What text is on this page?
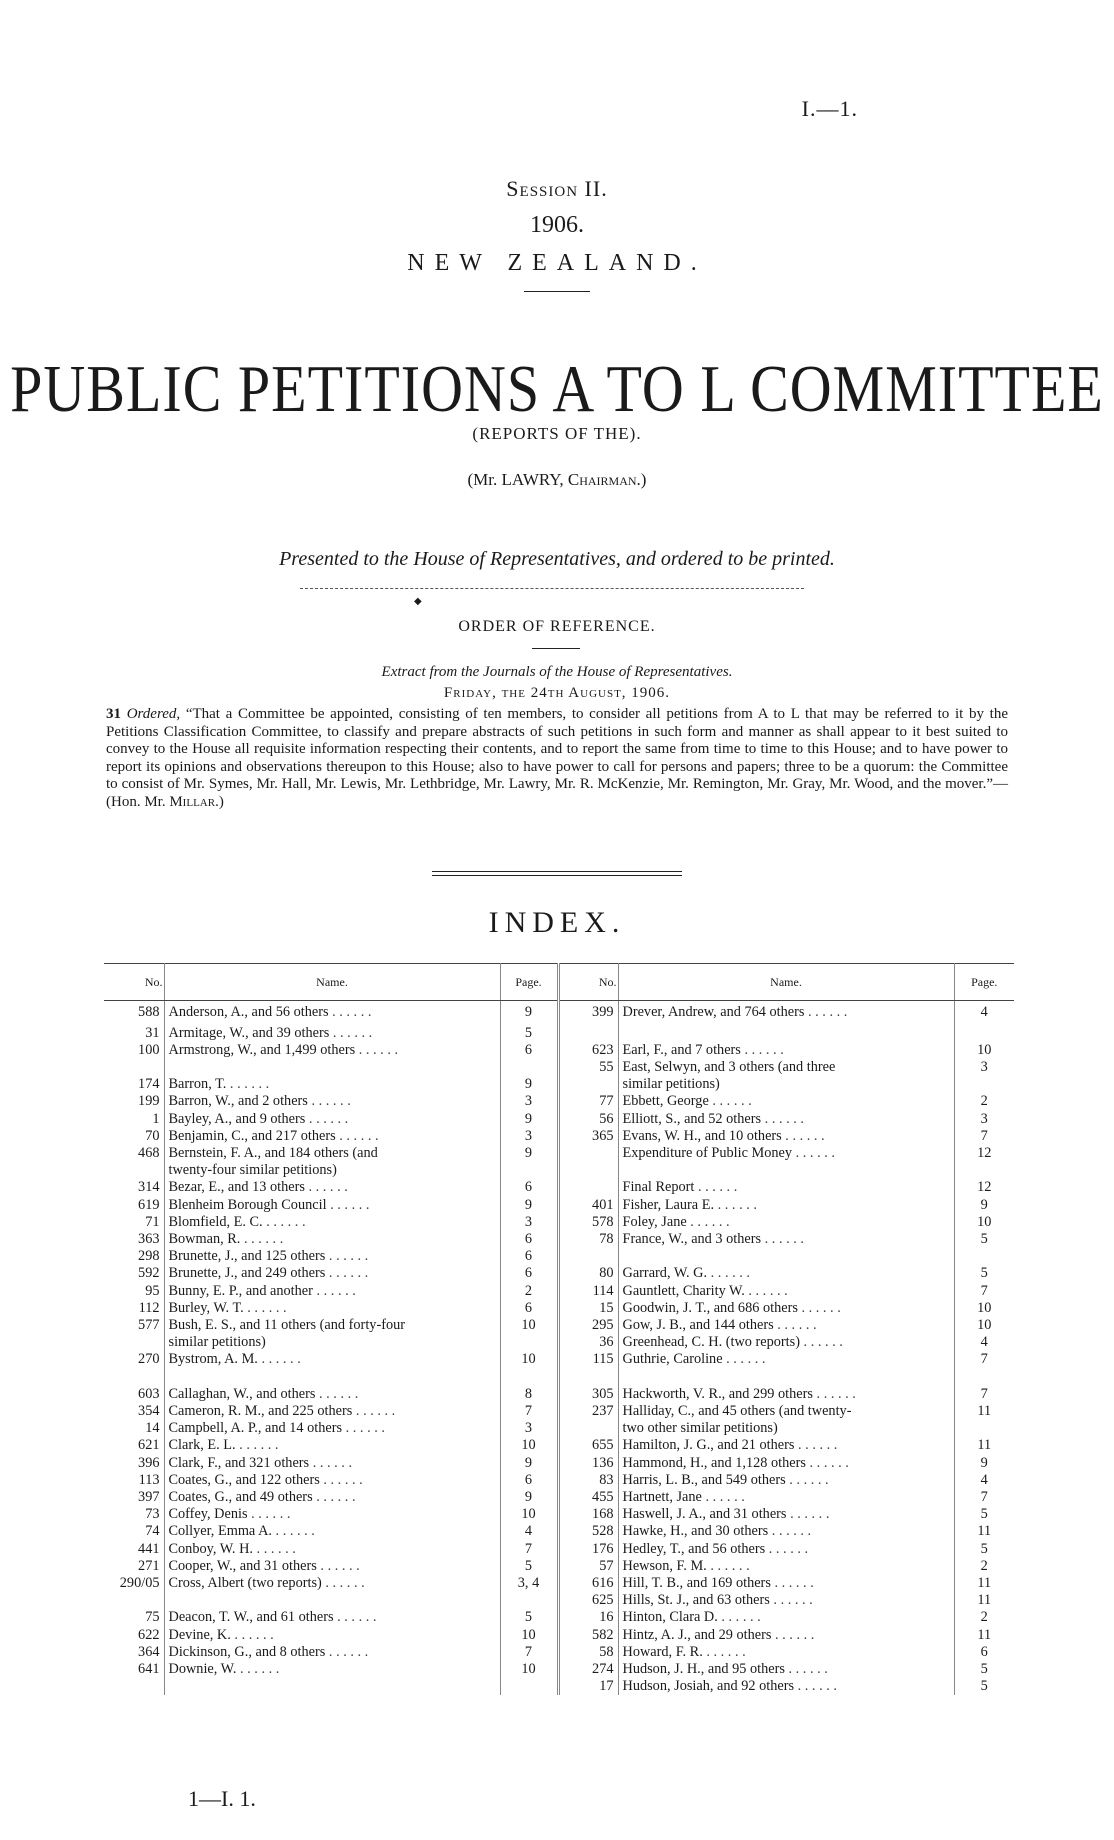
I.—1.
Session II.
1906.
NEW ZEALAND.
PUBLIC PETITIONS A TO L COMMITTEE
(REPORTS OF THE).
(Mr. LAWRY, Chairman.)
Presented to the House of Representatives, and ordered to be printed.
◆
ORDER OF REFERENCE.
Extract from the Journals of the House of Representatives.
Friday, the 24th August, 1906.
31 Ordered, “That a Committee be appointed, consisting of ten members, to consider all petitions from A to L that may be referred to it by the Petitions Classification Committee, to classify and prepare abstracts of such petitions in such form and manner as shall appear to it best suited to convey to the House all requisite information respecting their contents, and to report the same from time to time to this House; and to have power to report its opinions and observations thereupon to this House; also to have power to call for persons and papers; three to be a quorum: the Committee to consist of Mr. Symes, Mr. Hall, Mr. Lewis, Mr. Lethbridge, Mr. Lawry, Mr. R. McKenzie, Mr. Remington, Mr. Gray, Mr. Wood, and the mover.”—(Hon. Mr. Millar.)
INDEX.
No.	Name.	Page.	No.	Name.	Page.
588	Anderson, A., and 56 others . .	9	399	Drever, Andrew, and 764 others . .	4
31	Armitage, W., and 39 others . .	5			
100	Armstrong, W., and 1,499 others . .	6	623	Earl, F., and 7 others . .	10
			55	East, Selwyn, and 3 others (and three	3
174	Barron, T. . .	9		similar petitions)	
199	Barron, W., and 2 others . .	3	77	Ebbett, George . .	2
1	Bayley, A., and 9 others . .	9	56	Elliott, S., and 52 others . .	3
70	Benjamin, C., and 217 others . .	3	365	Evans, W. H., and 10 others . .	7
468	Bernstein, F. A., and 184 others (and	9		Expenditure of Public Money . .	12
	twenty-four similar petitions)				
314	Bezar, E., and 13 others . .	6		Final Report . .	12
619	Blenheim Borough Council . .	9	401	Fisher, Laura E. . .	9
71	Blomfield, E. C. . .	3	578	Foley, Jane . .	10
363	Bowman, R. . .	6	78	France, W., and 3 others . .	5
298	Brunette, J., and 125 others . .	6			
592	Brunette, J., and 249 others . .	6	80	Garrard, W. G. . .	5
95	Bunny, E. P., and another . .	2	114	Gauntlett, Charity W. . .	7
112	Burley, W. T. . .	6	15	Goodwin, J. T., and 686 others . .	10
577	Bush, E. S., and 11 others (and forty-four	10	295	Gow, J. B., and 144 others . .	10
	similar petitions)		36	Greenhead, C. H. (two reports) . .	4
270	Bystrom, A. M. . .	10	115	Guthrie, Caroline . .	7

603	Callaghan, W., and others . .	8	305	Hackworth, V. R., and 299 others . .	7
354	Cameron, R. M., and 225 others . .	7	237	Halliday, C., and 45 others (and twenty-	11
14	Campbell, A. P., and 14 others . .	3		two other similar petitions)	
621	Clark, E. L. . .	10	655	Hamilton, J. G., and 21 others . .	11
396	Clark, F., and 321 others . .	9	136	Hammond, H., and 1,128 others . .	9
113	Coates, G., and 122 others . .	6	83	Harris, L. B., and 549 others . .	4
397	Coates, G., and 49 others . .	9	455	Hartnett, Jane . .	7
73	Coffey, Denis . .	10	168	Haswell, J. A., and 31 others . .	5
74	Collyer, Emma A. . .	4	528	Hawke, H., and 30 others . .	11
441	Conboy, W. H. . .	7	176	Hedley, T., and 56 others . .	5
271	Cooper, W., and 31 others . .	5	57	Hewson, F. M. . .	2
290/05	Cross, Albert (two reports) . .	3, 4	616	Hill, T. B., and 169 others . .	11
			625	Hills, St. J., and 63 others . .	11
75	Deacon, T. W., and 61 others . .	5	16	Hinton, Clara D. . .	2
622	Devine, K. . .	10	582	Hintz, A. J., and 29 others . .	11
364	Dickinson, G., and 8 others . .	7	58	Howard, F. R. . .	6
641	Downie, W. . .	10	274	Hudson, J. H., and 95 others . .	5
			17	Hudson, Josiah, and 92 others . .	5
1—I. 1.
